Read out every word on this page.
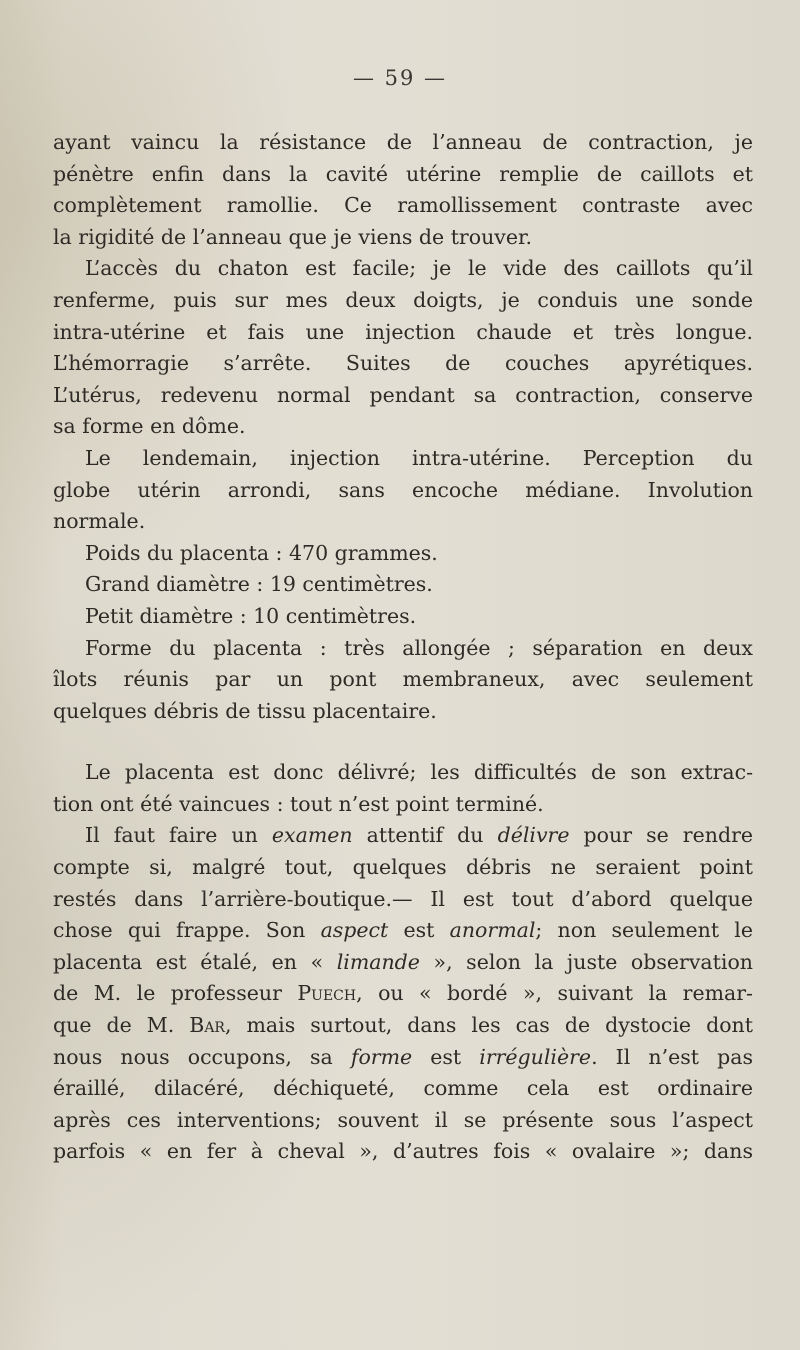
— 59 —
ayant vaincu la résistance de l’anneau de contraction, je
pénètre enfin dans la cavité utérine remplie de caillots et
complètement ramollie. Ce ramollissement contraste avec
la rigidité de l’anneau que je viens de trouver.
L’accès du chaton est facile; je le vide des caillots qu’il
renferme, puis sur mes deux doigts, je conduis une sonde
intra-utérine et fais une injection chaude et très longue.
L’hémorragie s’arrête. Suites de couches apyrétiques.
L’utérus, redevenu normal pendant sa contraction, conserve
sa forme en dôme.
Le lendemain, injection intra-utérine. Perception du
globe utérin arrondi, sans encoche médiane. Involution
normale.
Poids du placenta : 470 grammes.
Grand diamètre : 19 centimètres.
Petit diamètre : 10 centimètres.
Forme du placenta : très allongée ; séparation en deux
îlots réunis par un pont membraneux, avec seulement
quelques débris de tissu placentaire.
Le placenta est donc délivré; les difficultés de son extrac-
tion ont été vaincues : tout n’est point terminé.
Il faut faire un examen attentif du délivre pour se rendre
compte si, malgré tout, quelques débris ne seraient point
restés dans l’arrière-boutique.— Il est tout d’abord quelque
chose qui frappe. Son aspect est anormal; non seulement le
placenta est étalé, en « limande », selon la juste observation
de M. le professeur Puech, ou « bordé », suivant la remar-
que de M. Bar, mais surtout, dans les cas de dystocie dont
nous nous occupons, sa forme est irrégulière. Il n’est pas
éraillé, dilacéré, déchiqueté, comme cela est ordinaire
après ces interventions; souvent il se présente sous l’aspect
parfois « en fer à cheval », d’autres fois « ovalaire »; dans
